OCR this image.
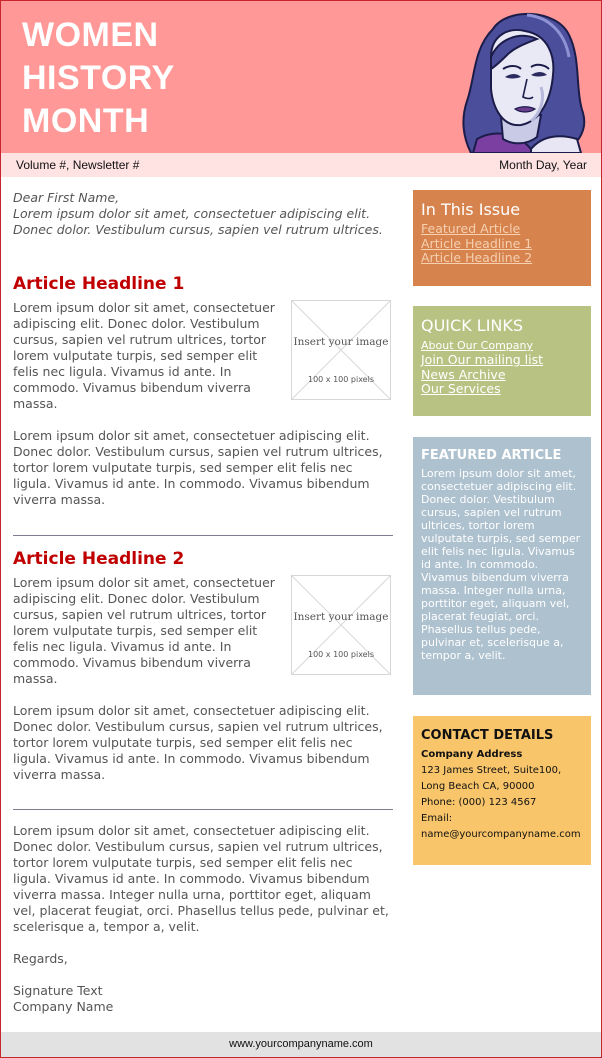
WOMEN
HISTORY
MONTH
Volume #, Newsletter #	Month Day, Year

Dear First Name,

Lorem ipsum dolor sit amet, consectetuer adipiscing elit. Donec dolor. Vestibulum cursus, sapien vel rutrum ultrices.

Article Headline 1

Lorem ipsum dolor sit amet, consectetuer adipiscing elit. Donec dolor. Vestibulum cursus, sapien vel rutrum ultrices, tortor lorem vulputate turpis, sed semper elit felis nec ligula. Vivamus id ante. In commodo. Vivamus bibendum viverra massa.

Insert your image
100 x 100 pixels

Lorem ipsum dolor sit amet, consectetuer adipiscing elit. Donec dolor. Vestibulum cursus, sapien vel rutrum ultrices, tortor lorem vulputate turpis, sed semper elit felis nec ligula. Vivamus id ante. In commodo. Vivamus bibendum viverra massa.

Article Headline 2

Lorem ipsum dolor sit amet, consectetuer adipiscing elit. Donec dolor. Vestibulum cursus, sapien vel rutrum ultrices, tortor lorem vulputate turpis, sed semper elit felis nec ligula. Vivamus id ante. In commodo. Vivamus bibendum viverra massa.

Insert your image
100 x 100 pixels

Lorem ipsum dolor sit amet, consectetuer adipiscing elit. Donec dolor. Vestibulum cursus, sapien vel rutrum ultrices, tortor lorem vulputate turpis, sed semper elit felis nec ligula. Vivamus id ante. In commodo. Vivamus bibendum viverra massa.

Lorem ipsum dolor sit amet, consectetuer adipiscing elit. Donec dolor. Vestibulum cursus, sapien vel rutrum ultrices, tortor lorem vulputate turpis, sed semper elit felis nec ligula. Vivamus id ante. In commodo. Vivamus bibendum viverra massa. Integer nulla urna, porttitor eget, aliquam vel, placerat feugiat, orci. Phasellus tellus pede, pulvinar et, scelerisque a, tempor a, velit.

Regards,

Signature Text

Company Name

In This Issue
Featured Article
Article Headline 1
Article Headline 2
QUICK LINKS
About Our Company
Join Our mailing list
News Archive
Our Services
FEATURED ARTICLE

Lorem ipsum dolor sit amet, consectetuer adipiscing elit. Donec dolor. Vestibulum cursus, sapien vel rutrum ultrices, tortor lorem vulputate turpis, sed semper elit felis nec ligula. Vivamus id ante. In commodo. Vivamus bibendum viverra massa. Integer nulla urna, porttitor eget, aliquam vel, placerat feugiat, orci. Phasellus tellus pede, pulvinar et, scelerisque a, tempor a, velit.

CONTACT DETAILS
Company Address
123 James Street, Suite100,
Long Beach CA, 90000
Phone: (000) 123 4567
Email:
name@yourcompanyname.com
www.yourcompanyname.com
